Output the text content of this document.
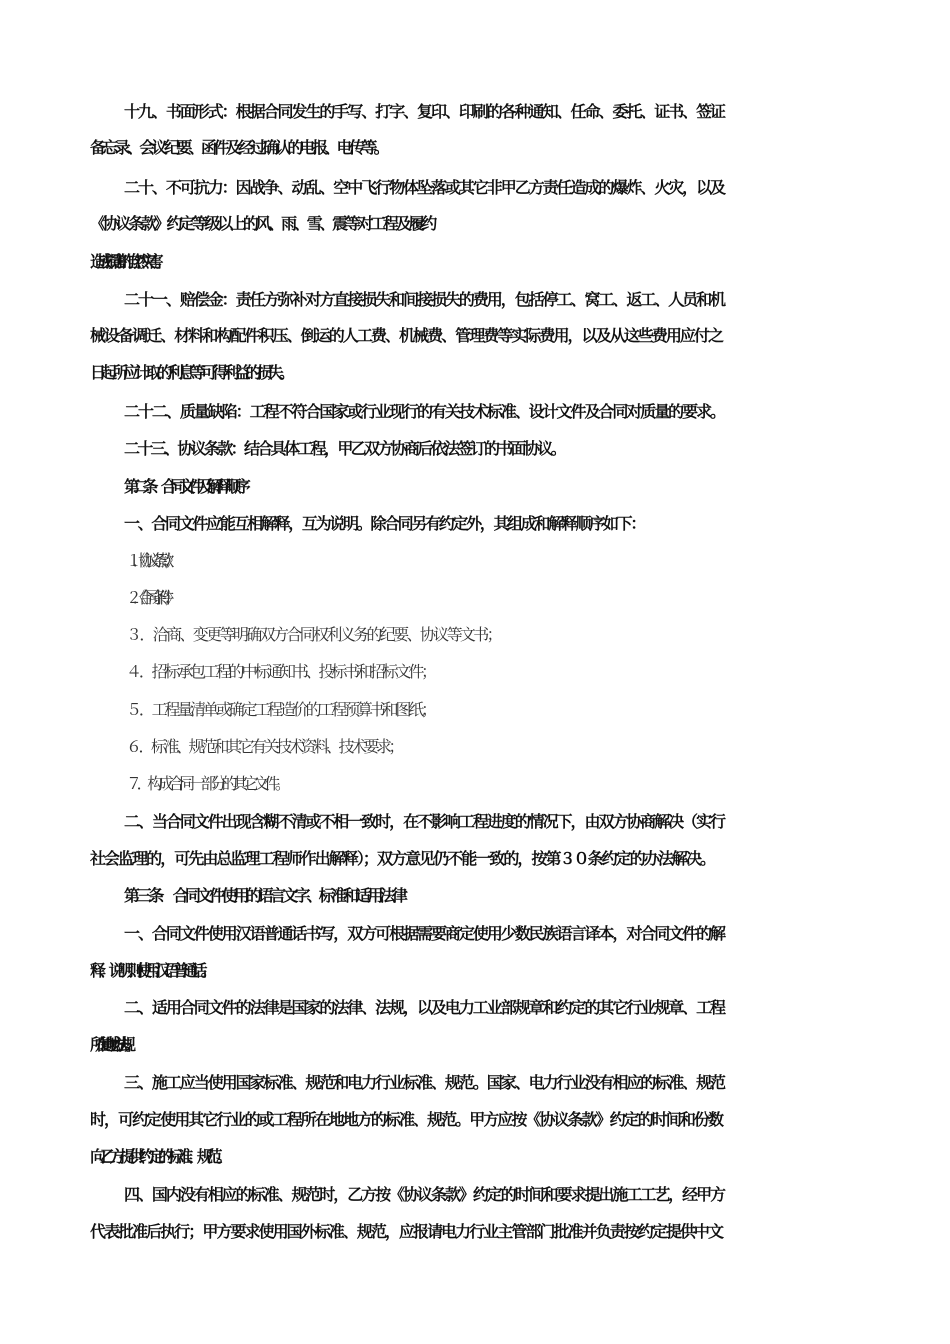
十九、书面形式：根据合同发生的手写、打字、复印、印刷的各种通知、任命、委托、证书、签证
备忘录、会议纪要、函件及经过确认的电报、电传等。
二十、不可抗力：因战争、动乱、空中飞行物体坠落或其它非甲乙方责任造成的爆炸、火灾，以及
《协议条款》约定等级以上的风、雨、雪、震等对工程及履约
造成损害的自然灾害。
二十一、赔偿金：责任方弥补对方直接损失和间接损失的费用，包括停工、窝工、返工、人员和机
械设备调迁、材料和构配件积压、倒运的人工费、机械费、管理费等实际费用，以及从这些费用应付之
日起所应计取的利息等可得利益的损失。
二十二、质量缺陷：工程不符合国家或行业现行的有关技术标准、设计文件及合同对质量的要求。
二十三、协议条款：结合具体工程，甲乙双方协商后依法签订的书面协议。
第二条　合同文件及解释顺序
一、合同文件应能互相解释，互为说明。除合同另有约定外，其组成和解释顺序如下：
１．《协议条款》；
２．《合同条件》；
３．洽商、变更等明确双方合同权利义务的纪要、协议等文书；
４．招标承包工程的中标通知书、投标书和招标文件；
５．工程量清单或确定工程造价的工程预算书和图纸；
６．标准、规范和其它有关技术资料、技术要求；
７．构成合同一部分的其它文件。
二、当合同文件出现含糊不清或不相一致时，在不影响工程进度的情况下，由双方协商解决（实行
社会监理的，可先由总监理工程师作出解释）；双方意见仍不能一致的，按第３０条约定的办法解决。
第三条　合同文件使用的语言文字、标准和适用法律
一、合同文件使用汉语普通话书写，双方可根据需要商定使用少数民族语言译本，对合同文件的解
释、说明则使用汉语普通话。
二、适用合同文件的法律是国家的法律、法规，以及电力工业部规章和约定的其它行业规章、工程
所在地地方法规。
三、施工应当使用国家标准、规范和电力行业标准、规范。国家、电力行业没有相应的标准、规范
时，可约定使用其它行业的或工程所在地地方的标准、规范。甲方应按《协议条款》约定的时间和份数
向乙方提供约定的标准、规范。
四、国内没有相应的标准、规范时，乙方按《协议条款》约定的时间和要求提出施工工艺，经甲方
代表批准后执行；甲方要求使用国外标准、规范，应报请电力行业主管部门批准并负责按约定提供中文
